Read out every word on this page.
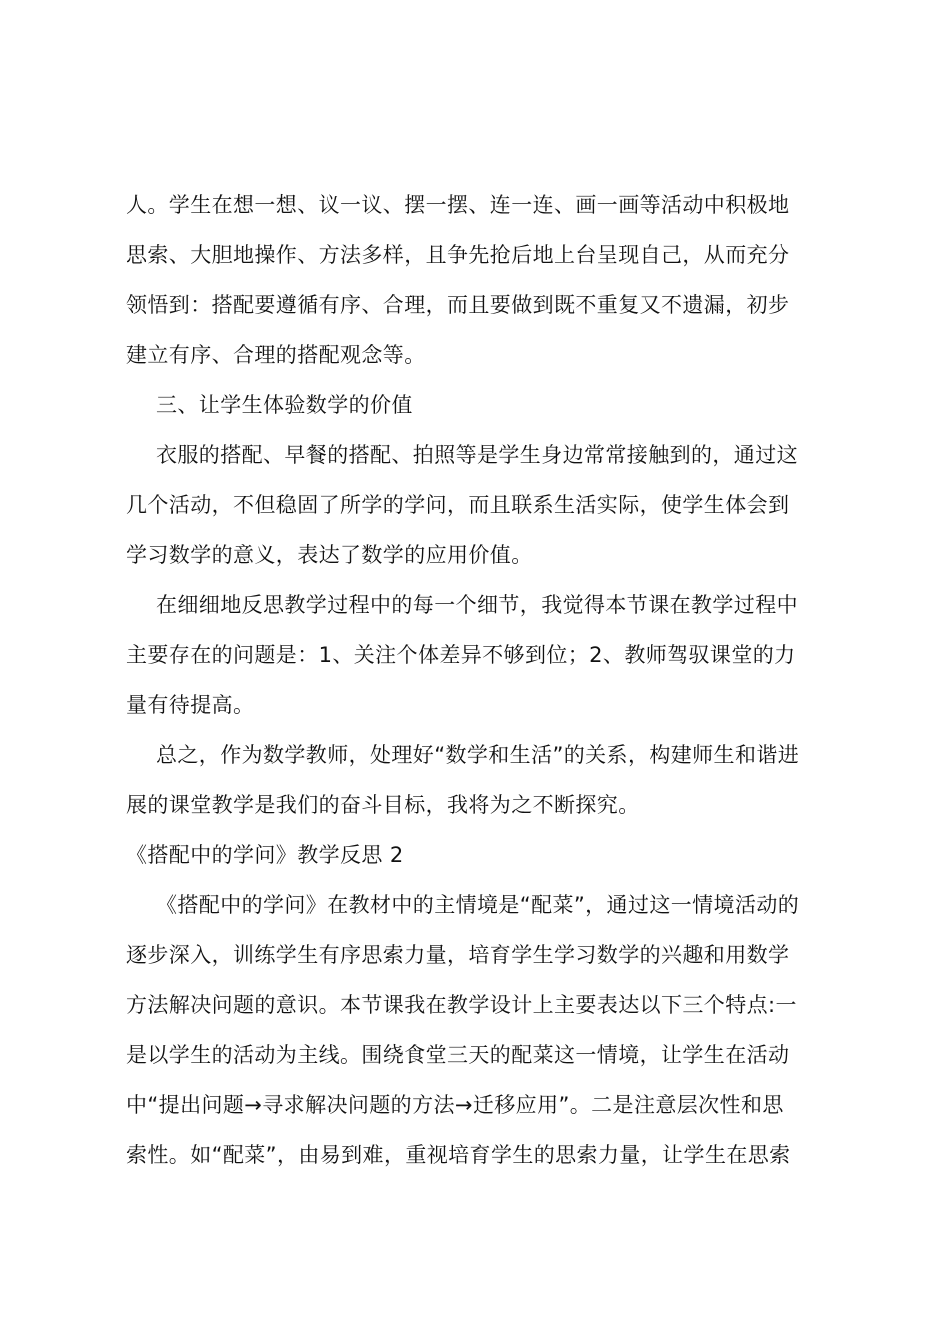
人。学生在想一想、议一议、摆一摆、连一连、画一画等活动中积极地
思索、大胆地操作、方法多样，且争先抢后地上台呈现自己，从而充分
领悟到：搭配要遵循有序、合理，而且要做到既不重复又不遗漏，初步
建立有序、合理的搭配观念等。
三、让学生体验数学的价值
衣服的搭配、早餐的搭配、拍照等是学生身边常常接触到的，通过这
几个活动，不但稳固了所学的学问，而且联系生活实际，使学生体会到
学习数学的意义，表达了数学的应用价值。
在细细地反思教学过程中的每一个细节，我觉得本节课在教学过程中
主要存在的问题是：1、关注个体差异不够到位；2、教师驾驭课堂的力
量有待提高。
总之，作为数学教师，处理好“数学和生活”的关系，构建师生和谐进
展的课堂教学是我们的奋斗目标，我将为之不断探究。
《搭配中的学问》教学反思 2
《搭配中的学问》在教材中的主情境是“配菜”，通过这一情境活动的
逐步深入，训练学生有序思索力量，培育学生学习数学的兴趣和用数学
方法解决问题的意识。本节课我在教学设计上主要表达以下三个特点:一
是以学生的活动为主线。围绕食堂三天的配菜这一情境，让学生在活动
中“提出问题→寻求解决问题的方法→迁移应用”。二是注意层次性和思
索性。如“配菜”，由易到难，重视培育学生的思索力量，让学生在思索
